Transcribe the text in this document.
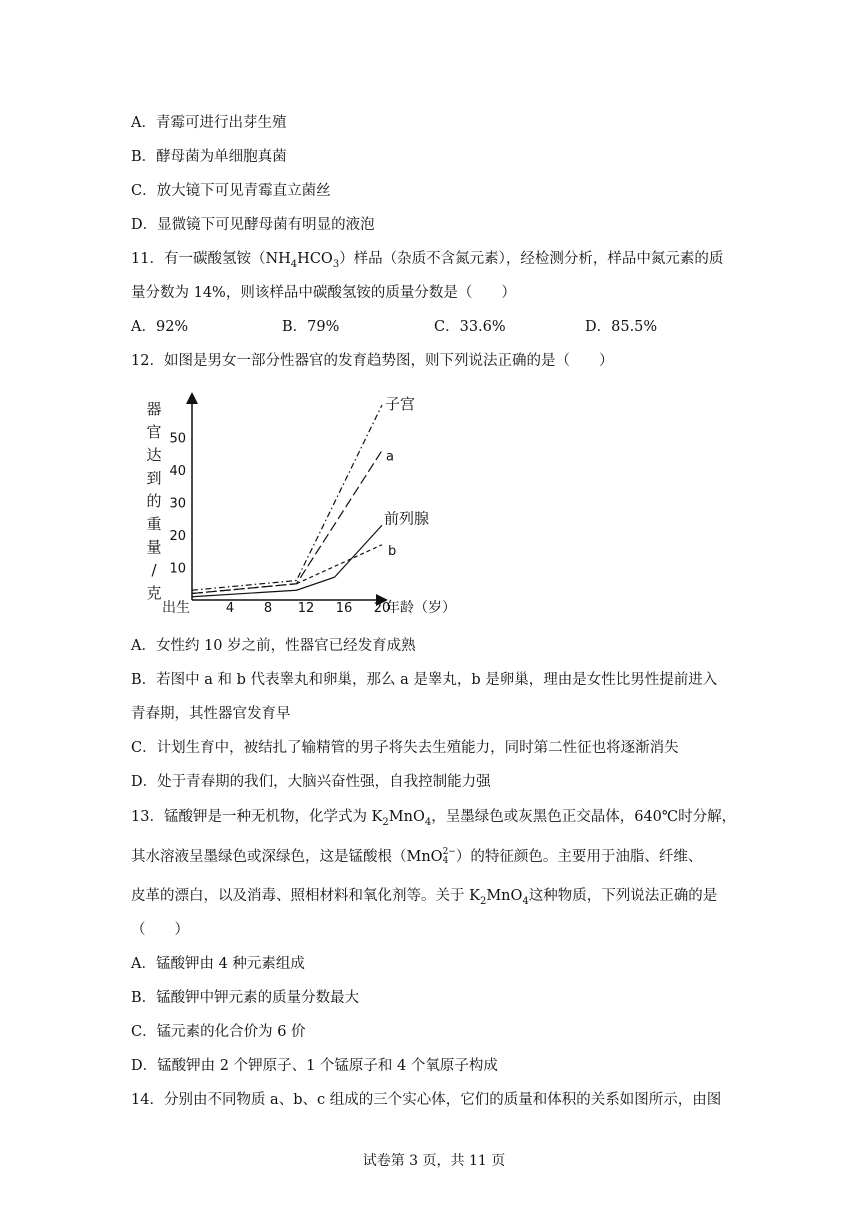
A．青霉可进行出芽生殖
B．酵母菌为单细胞真菌
C．放大镜下可见青霉直立菌丝
D．显微镜下可见酵母菌有明显的液泡
11．有一碳酸氢铵$(NH_4HCO_3)$样品（杂质不含氮元素），经检测分析，样品中氮元素的质
量分数为 14%，则该样品中碳酸氢铵的质量分数是（　　）
A．92%	B．79%	C．33.6%	D．85.5%
12．如图是男女一部分性器官的发育趋势图，则下列说法正确的是（　　）
器
官
达
到
的
重
量
/
克
10
20
30
40
50
出生	4 8 12 16 20
年龄（岁）
子宫
a
前列腺
b
A．女性约 10 岁之前，性器官已经发育成熟
B．若图中 a 和 b 代表睾丸和卵巢，那么 a 是睾丸，b 是卵巢，理由是女性比男性提前进入
青春期，其性器官发育早
C．计划生育中，被结扎了输精管的男子将失去生殖能力，同时第二性征也将逐渐消失
D．处于青春期的我们，大脑兴奋性强，自我控制能力强
13．锰酸钾是一种无机物，化学式为 $K_2MnO_4$，呈墨绿色或灰黑色正交晶体，640℃时分解，
其水溶液呈墨绿色或深绿色，这是锰酸根（MnO 2−
4 ）的特征颜色。主要用于油脂、纤维、
皮革的漂白，以及消毒、照相材料和氧化剂等。关于 $K_2MnO_4$这种物质，下列说法正确的是
（　　）
A．锰酸钾由 4 种元素组成
B．锰酸钾中钾元素的质量分数最大
C．锰元素的化合价为 6 价
D．锰酸钾由 2 个钾原子、1 个锰原子和 4 个氧原子构成
14．分别由不同物质 a、b、c 组成的三个实心体，它们的质量和体积的关系如图所示，由图
试卷第 3 页，共 11 页
